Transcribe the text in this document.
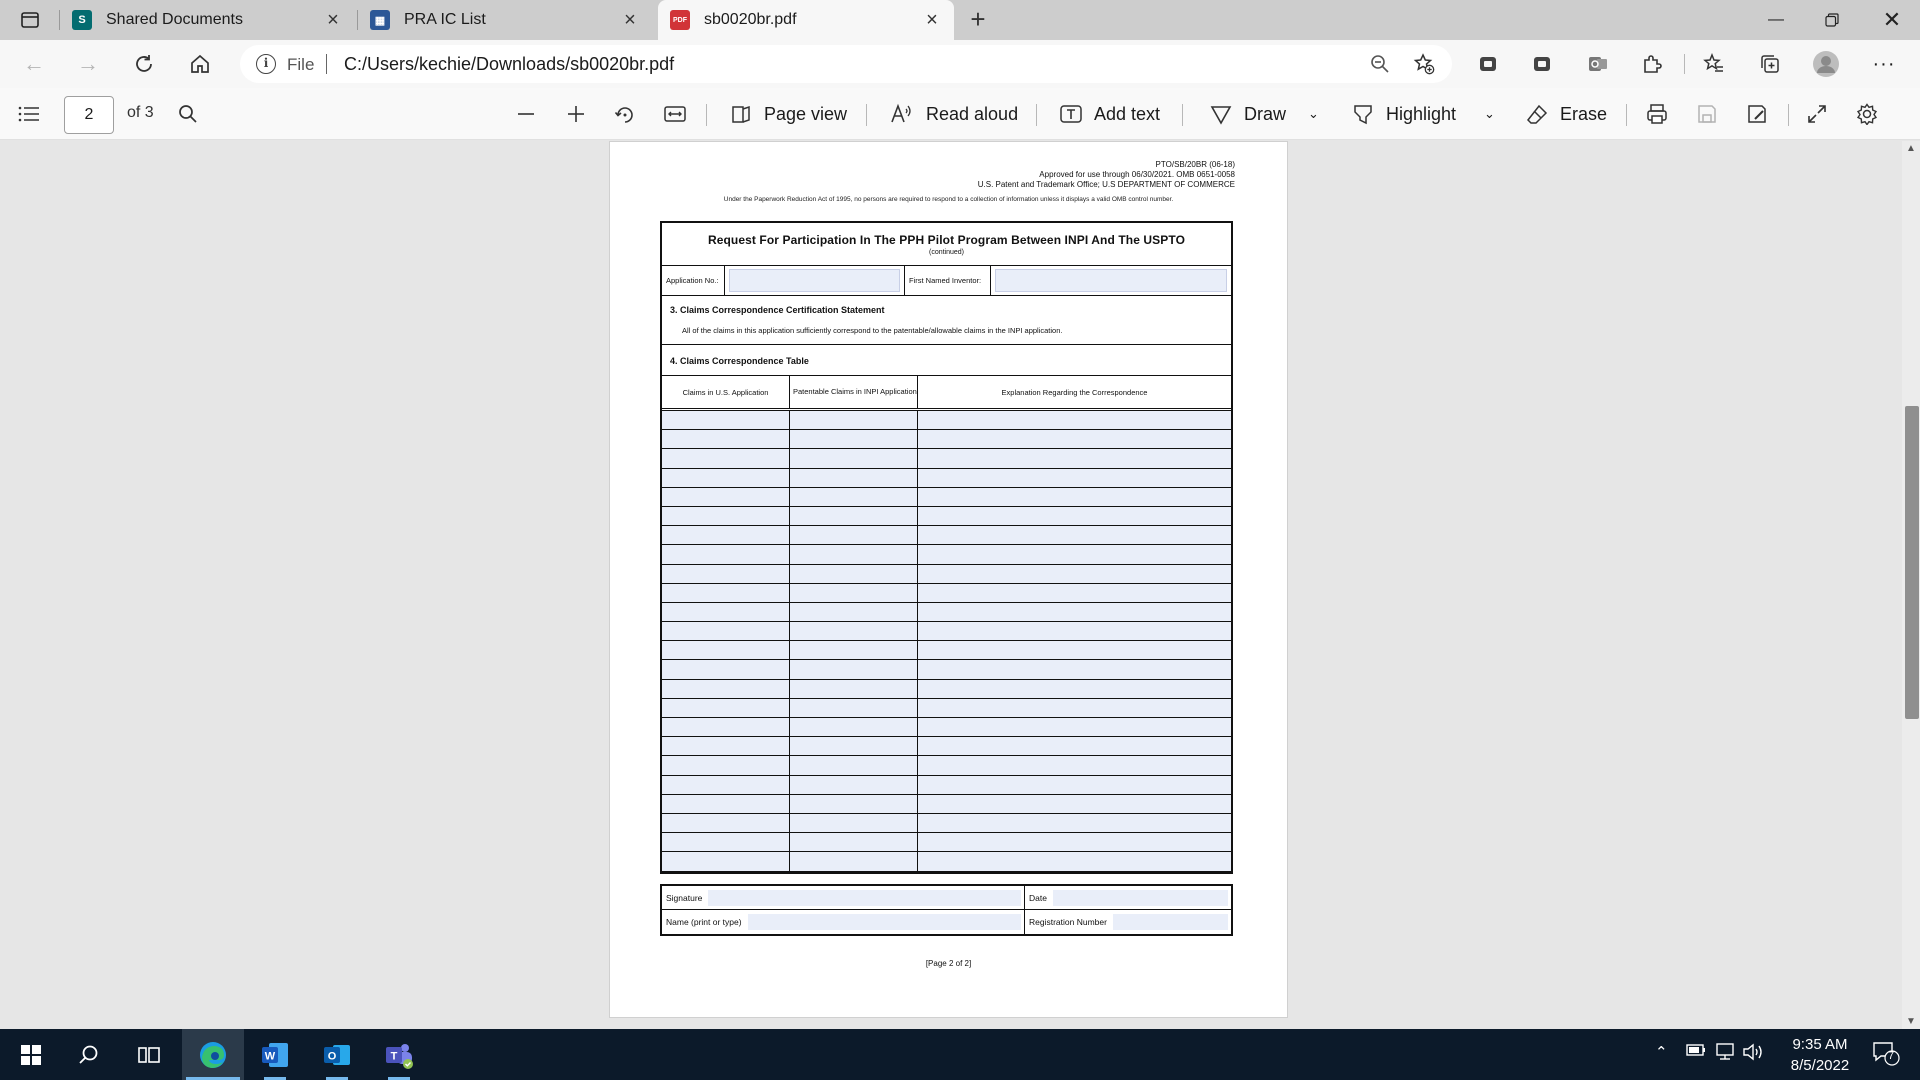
S	Shared Documents	×	▦ PRA IC List	×	PDF sb0020br.pdf	× +	—	✕
←	→	i	File C:/Users/kechie/Downloads/sb0020br.pdf	···
2	of 3	Page view	Read aloud	Add text	Draw ⌄	Highlight ⌄	Erase
PTO/SB/20BR (06-18)
Approved for use through 06/30/2021. OMB 0651-0058
U.S. Patent and Trademark Office; U.S DEPARTMENT OF COMMERCE
Under the Paperwork Reduction Act of 1995, no persons are required to respond to a collection of information unless it displays a valid OMB control number.
Request For Participation In The PPH Pilot Program Between INPI And The USPTO
(continued)
Application No.:	First Named Inventor:
3. Claims Correspondence Certification Statement
All of the claims in this application sufficiently correspond to the patentable/allowable claims in the INPI application.
4. Claims Correspondence Table
Claims in U.S. Application	Patentable Claims in INPI Application	Explanation Regarding the Correspondence
Signature	Date
Name (print or type)	Registration Number
[Page 2 of 2]
▲
▼
W	O	T	⌃	9:35 AM
8/5/2022
7
